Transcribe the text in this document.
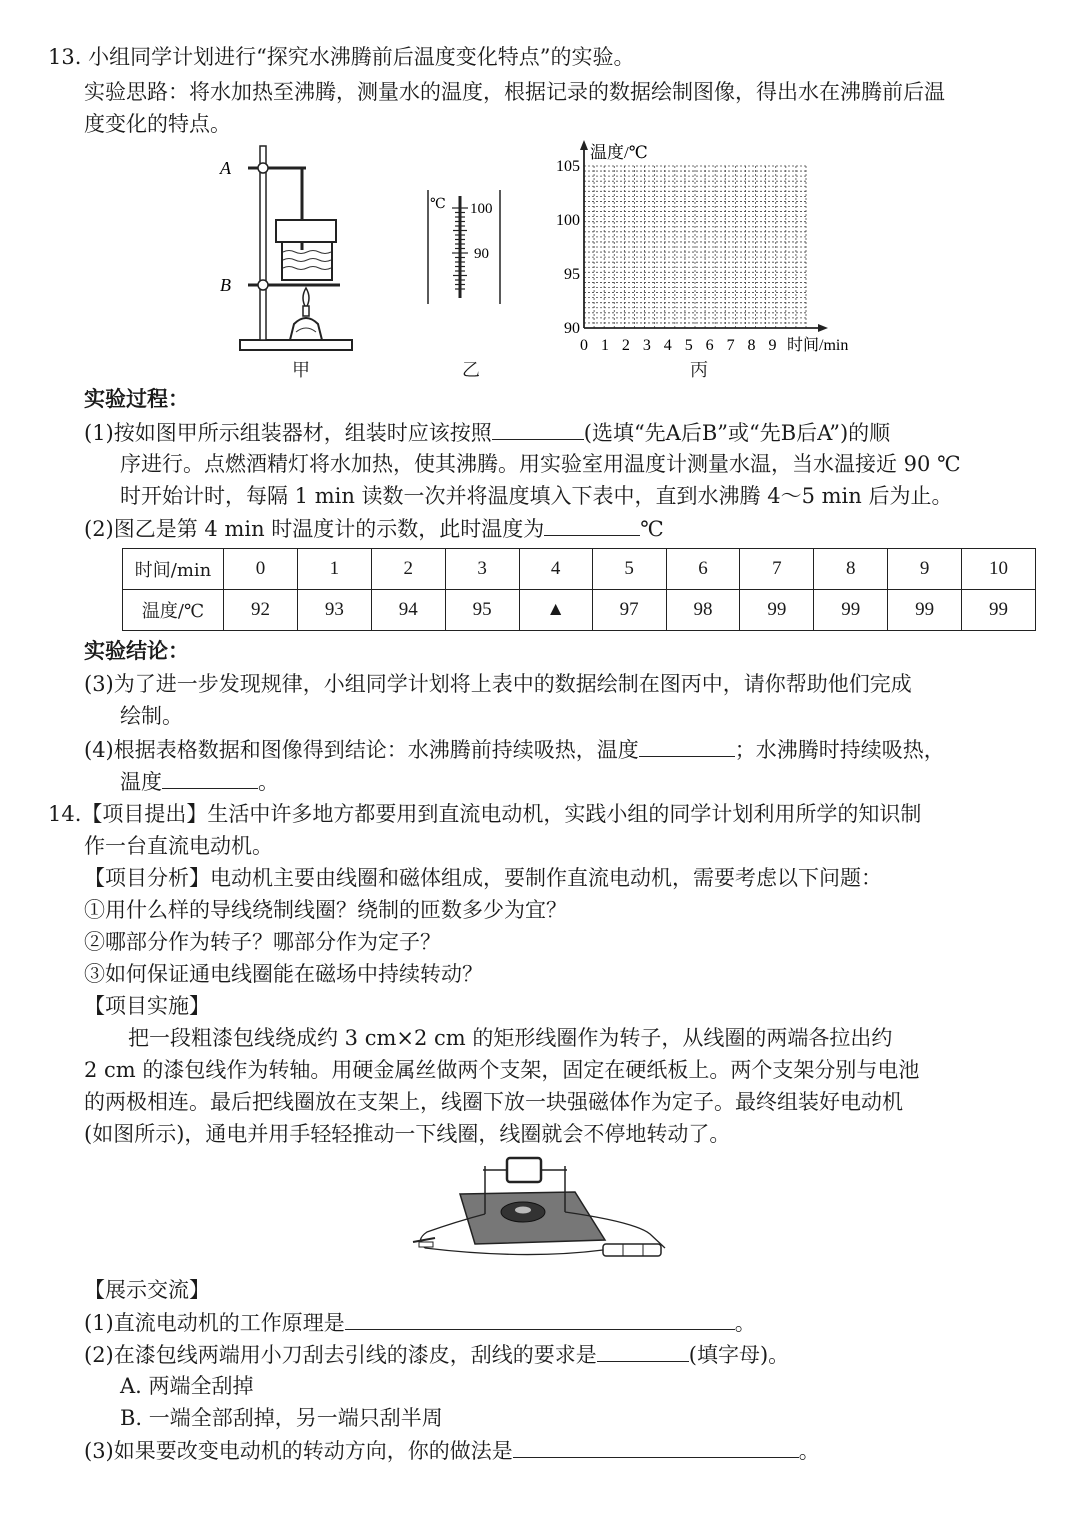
13. 小组同学计划进行“探究水沸腾前后温度变化特点”的实验。
实验思路：将水加热至沸腾，测量水的温度，根据记录的数据绘制图像，得出水在沸腾前后温
度变化的特点。
A
B
甲
℃ 100
90
乙
温度/℃
时间/min
105
100
95
90
0 1 2 3 4 5 6 7 8 9
丙
实验过程：
(1)按如图甲所示组装器材，组装时应该按照	(选填“先A后B”或“先B后A”)的顺
序进行。点燃酒精灯将水加热，使其沸腾。用实验室用温度计测量水温，当水温接近 90 ℃
时开始计时，每隔 1 min 读数一次并将温度填入下表中，直到水沸腾 4～5 min 后为止。
(2)图乙是第 4 min 时温度计的示数，此时温度为	℃
时间/min	0	1	2	3	4	5	6	7	8	9	10
温度/℃	92	93	94	95	▲	97	98	99	99	99	99
实验结论：
(3)为了进一步发现规律，小组同学计划将上表中的数据绘制在图丙中，请你帮助他们完成
绘制。
(4)根据表格数据和图像得到结论：水沸腾前持续吸热，温度	；水沸腾时持续吸热，
温度	。
14.【项目提出】生活中许多地方都要用到直流电动机，实践小组的同学计划利用所学的知识制
作一台直流电动机。
【项目分析】电动机主要由线圈和磁体组成，要制作直流电动机，需要考虑以下问题：
①用什么样的导线绕制线圈？绕制的匝数多少为宜？
②哪部分作为转子？哪部分作为定子？
③如何保证通电线圈能在磁场中持续转动？
【项目实施】
把一段粗漆包线绕成约 3 cm×2 cm 的矩形线圈作为转子，从线圈的两端各拉出约
2 cm 的漆包线作为转轴。用硬金属丝做两个支架，固定在硬纸板上。两个支架分别与电池
的两极相连。最后把线圈放在支架上，线圈下放一块强磁体作为定子。最终组装好电动机
(如图所示)，通电并用手轻轻推动一下线圈，线圈就会不停地转动了。
【展示交流】
(1)直流电动机的工作原理是	。
(2)在漆包线两端用小刀刮去引线的漆皮，刮线的要求是	(填字母)。
A. 两端全刮掉
B. 一端全部刮掉，另一端只刮半周
(3)如果要改变电动机的转动方向，你的做法是	。
